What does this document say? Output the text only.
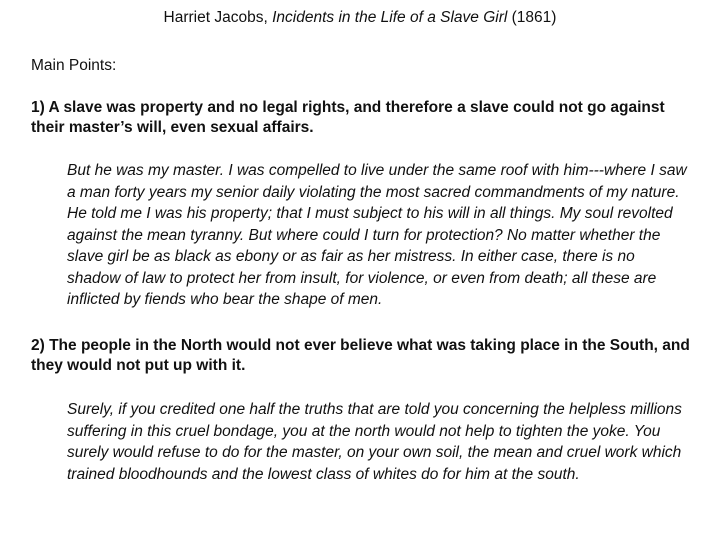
Harriet Jacobs, Incidents in the Life of a Slave Girl (1861)
Main Points:
1) A slave was property and no legal rights, and therefore a slave could not go against their master’s will, even sexual affairs.
But he was my master. I was compelled to live under the same roof with him---where I saw a man forty years my senior daily violating the most sacred commandments of my nature. He told me I was his property; that I must subject to his will in all things. My soul revolted against the mean tyranny. But where could I turn for protection? No matter whether the slave girl be as black as ebony or as fair as her mistress. In either case, there is no shadow of law to protect her from insult, for violence, or even from death; all these are inflicted by fiends who bear the shape of men.
2) The people in the North would not ever believe what was taking place in the South, and they would not put up with it.
Surely, if you credited one half the truths that are told you concerning the helpless millions suffering in this cruel bondage, you at the north would not help to tighten the yoke. You surely would refuse to do for the master, on your own soil, the mean and cruel work which trained bloodhounds and the lowest class of whites do for him at the south.
